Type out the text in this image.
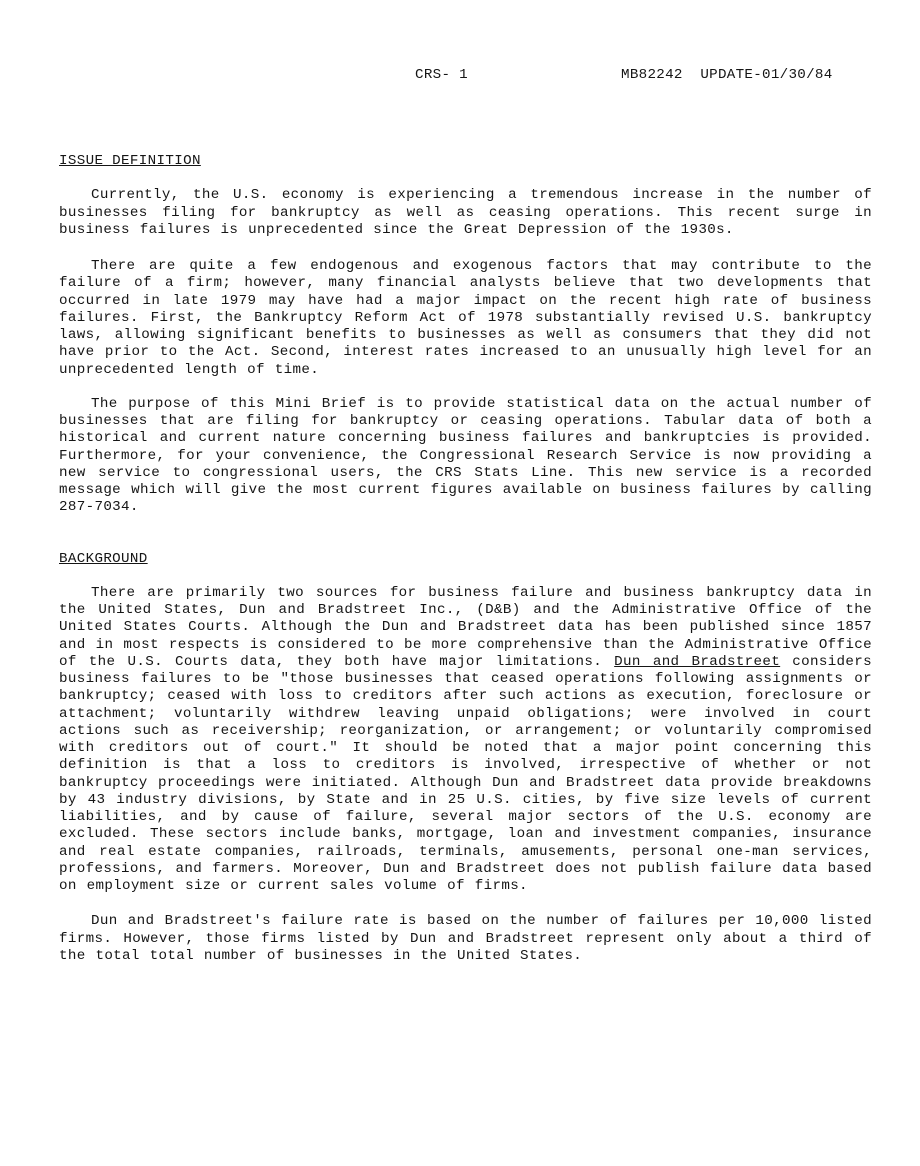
CRS- 1	MB82242  UPDATE-01/30/84
ISSUE DEFINITION

Currently, the U.S. economy is experiencing a tremendous increase in the number of businesses filing for bankruptcy as well as ceasing operations. This recent surge in business failures is unprecedented since the Great Depression of the 1930s.

There are quite a few endogenous and exogenous factors that may contribute to the failure of a firm; however, many financial analysts believe that two developments that occurred in late 1979 may have had a major impact on the recent high rate of business failures. First, the Bankruptcy Reform Act of 1978 substantially revised U.S. bankruptcy laws, allowing significant benefits to businesses as well as consumers that they did not have prior to the Act. Second, interest rates increased to an unusually high level for an unprecedented length of time.

The purpose of this Mini Brief is to provide statistical data on the actual number of businesses that are filing for bankruptcy or ceasing operations. Tabular data of both a historical and current nature concerning business failures and bankruptcies is provided. Furthermore, for your convenience, the Congressional Research Service is now providing a new service to congressional users, the CRS Stats Line. This new service is a recorded message which will give the most current figures available on business failures by calling 287-7034.

BACKGROUND

There are primarily two sources for business failure and business bankruptcy data in the United States, Dun and Bradstreet Inc., (D&B) and the Administrative Office of the United States Courts. Although the Dun and Bradstreet data has been published since 1857 and in most respects is considered to be more comprehensive than the Administrative Office of the U.S. Courts data, they both have major limitations. Dun and Bradstreet considers business failures to be "those businesses that ceased operations following assignments or bankruptcy; ceased with loss to creditors after such actions as execution, foreclosure or attachment; voluntarily withdrew leaving unpaid obligations; were involved in court actions such as receivership; reorganization, or arrangement; or voluntarily compromised with creditors out of court." It should be noted that a major point concerning this definition is that a loss to creditors is involved, irrespective of whether or not bankruptcy proceedings were initiated. Although Dun and Bradstreet data provide breakdowns by 43 industry divisions, by State and in 25 U.S. cities, by five size levels of current liabilities, and by cause of failure, several major sectors of the U.S. economy are excluded. These sectors include banks, mortgage, loan and investment companies, insurance and real estate companies, railroads, terminals, amusements, personal one-man services, professions, and farmers. Moreover, Dun and Bradstreet does not publish failure data based on employment size or current sales volume of firms.

Dun and Bradstreet's failure rate is based on the number of failures per 10,000 listed firms. However, those firms listed by Dun and Bradstreet represent only about a third of the total total number of businesses in the United States.
